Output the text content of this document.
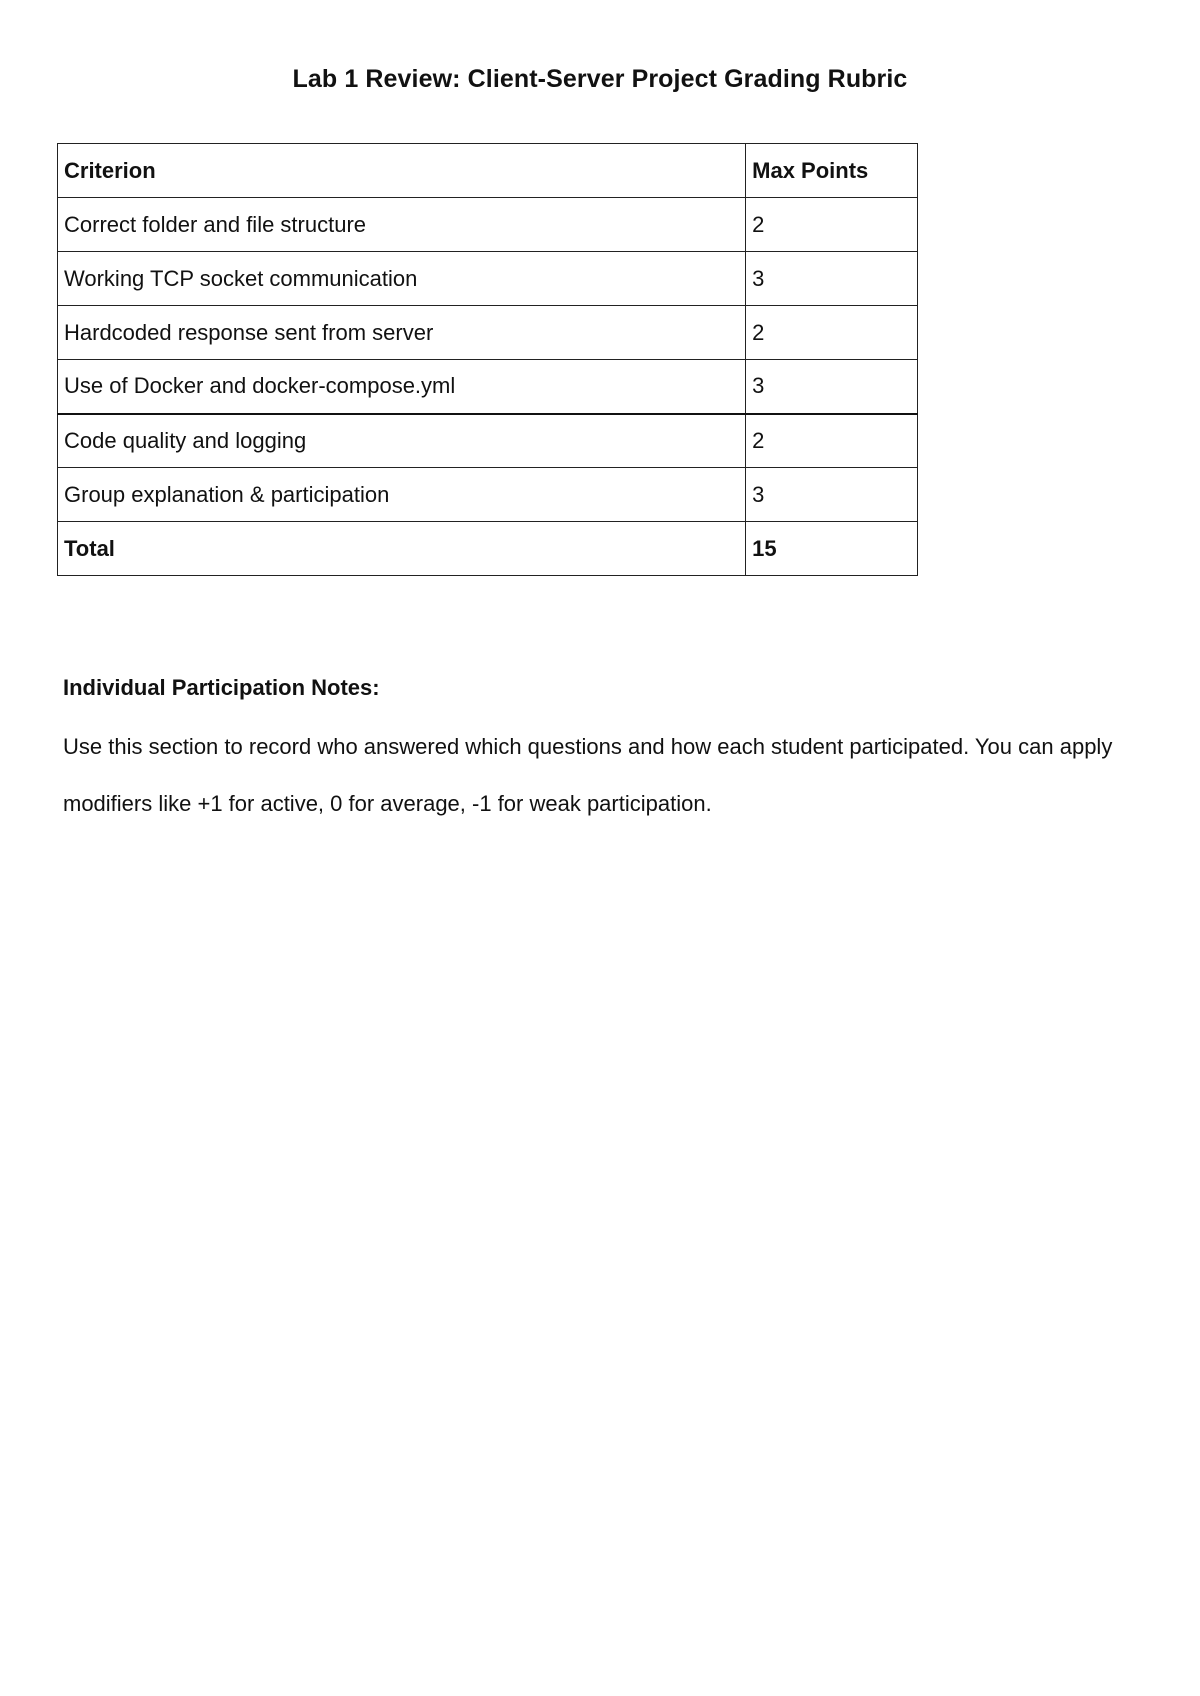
Lab 1 Review: Client-Server Project Grading Rubric
Criterion	Max Points
Correct folder and file structure	2
Working TCP socket communication	3
Hardcoded response sent from server	2
Use of Docker and docker-compose.yml	3
Code quality and logging	2
Group explanation & participation	3
Total	15
Individual Participation Notes:
Use this section to record who answered which questions and how each student participated. You can apply modifiers like +1 for active, 0 for average, -1 for weak participation.
